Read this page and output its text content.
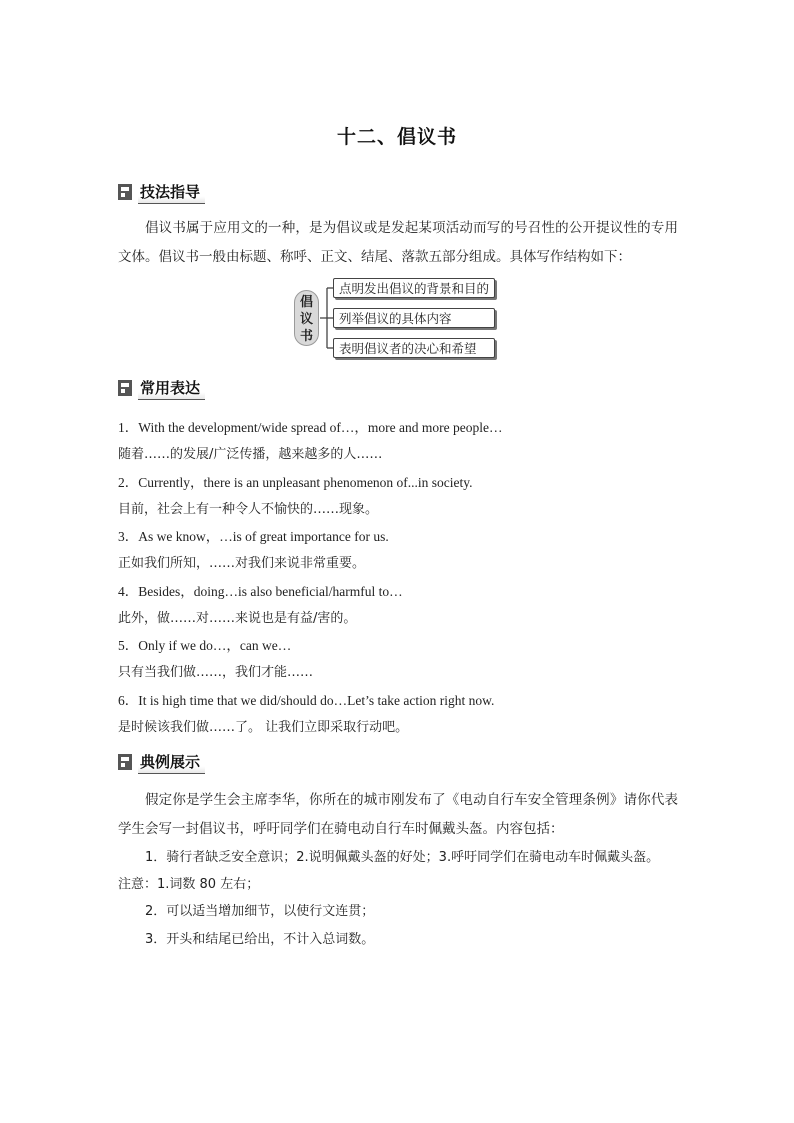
十二、倡议书
技法指导

倡议书属于应用文的一种，是为倡议或是发起某项活动而写的号召性的公开提议性的专用文体。倡议书一般由标题、称呼、正文、结尾、落款五部分组成。具体写作结构如下：

倡
议
书
点明发出倡议的背景和目的
列举倡议的具体内容
表明倡议者的决心和希望
常用表达
1．With the development/wide spread of…，more and more people…
随着……的发展/广泛传播，越来越多的人……
2．Currently，there is an unpleasant phenomenon of...in society.
目前，社会上有一种令人不愉快的……现象。
3．As we know，…is of great importance for us.
正如我们所知，……对我们来说非常重要。
4．Besides，doing…is also beneficial/harmful to…
此外，做……对……来说也是有益/害的。
5．Only if we do…，can we…
只有当我们做……，我们才能……
6．It is high time that we did/should do…Let’s take action right now.
是时候该我们做……了。 让我们立即采取行动吧。
典例展示

假定你是学生会主席李华，你所在的城市刚发布了《电动自行车安全管理条例》请你代表学生会写一封倡议书，呼吁同学们在骑电动自行车时佩戴头盔。内容包括：

1．骑行者缺乏安全意识；2.说明佩戴头盔的好处；3.呼吁同学们在骑电动车时佩戴头盔。
注意：1.词数 80 左右；
2．可以适当增加细节，以使行文连贯；
3．开头和结尾已给出，不计入总词数。
